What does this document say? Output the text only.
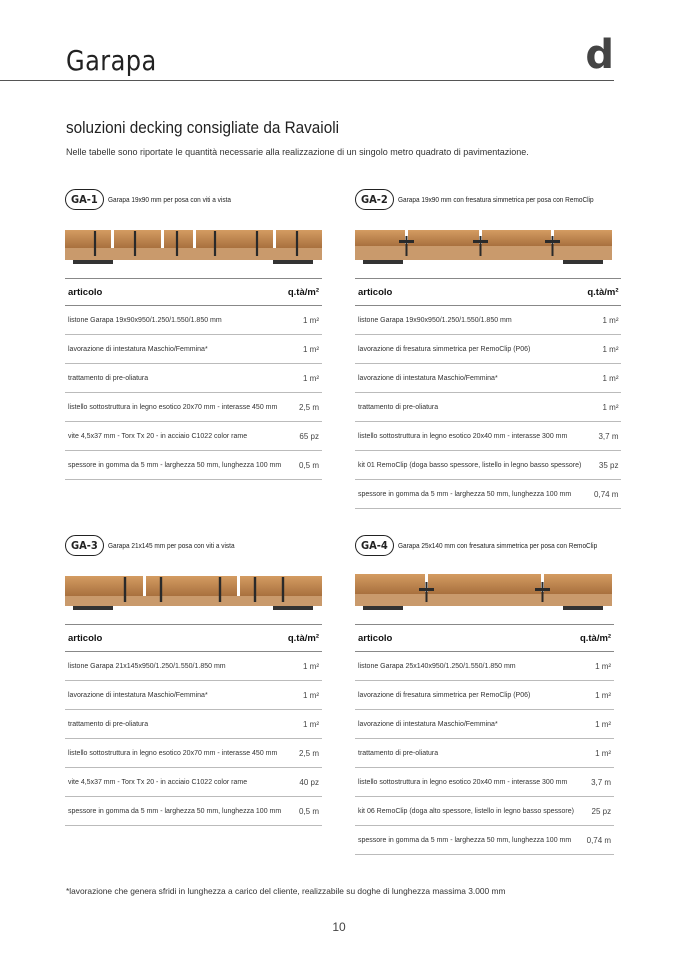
Garapa	d
soluzioni decking consigliate da Ravaioli
Nelle tabelle sono riportate le quantità necessarie alla realizzazione di un singolo metro quadrato di pavimentazione.
GA-1	Garapa 19x90 mm per posa con viti a vista
articolo	q.tà/m²
listone Garapa 19x90x950/1.250/1.550/1.850 mm	1 m²
lavorazione di intestatura Maschio/Femmina*	1 m²
trattamento di pre-oliatura	1 m²
listello sottostruttura in legno esotico 20x70 mm - interasse 450 mm	2,5 m
vite 4,5x37 mm - Torx Tx 20 - in acciaio C1022 color rame	65 pz
spessore in gomma da 5 mm - larghezza 50 mm, lunghezza 100 mm	0,5 m
GA-2	Garapa 19x90 mm con fresatura simmetrica per posa con RemoClip
articolo	q.tà/m²
listone Garapa 19x90x950/1.250/1.550/1.850 mm	1 m²
lavorazione di fresatura simmetrica per RemoClip (P06)	1 m²
lavorazione di intestatura Maschio/Femmina*	1 m²
trattamento di pre-oliatura	1 m²
listello sottostruttura in legno esotico 20x40 mm - interasse 300 mm	3,7 m
kit 01 RemoClip (doga basso spessore, listello in legno basso spessore)	35 pz
spessore in gomma da 5 mm - larghezza 50 mm, lunghezza 100 mm	0,74 m
GA-3	Garapa 21x145 mm per posa con viti a vista
articolo	q.tà/m²
listone Garapa 21x145x950/1.250/1.550/1.850 mm	1 m²
lavorazione di intestatura Maschio/Femmina*	1 m²
trattamento di pre-oliatura	1 m²
listello sottostruttura in legno esotico 20x70 mm - interasse 450 mm	2,5 m
vite 4,5x37 mm - Torx Tx 20 - in acciaio C1022 color rame	40 pz
spessore in gomma da 5 mm - larghezza 50 mm, lunghezza 100 mm	0,5 m
GA-4	Garapa 25x140 mm con fresatura simmetrica per posa con RemoClip
articolo	q.tà/m²
listone Garapa 25x140x950/1.250/1.550/1.850 mm	1 m²
lavorazione di fresatura simmetrica per RemoClip (P06)	1 m²
lavorazione di intestatura Maschio/Femmina*	1 m²
trattamento di pre-oliatura	1 m²
listello sottostruttura in legno esotico 20x40 mm - interasse 300 mm	3,7 m
kit 06 RemoClip (doga alto spessore, listello in legno basso spessore)	25 pz
spessore in gomma da 5 mm - larghezza 50 mm, lunghezza 100 mm	0,74 m
*lavorazione che genera sfridi in lunghezza a carico del cliente, realizzabile su doghe di lunghezza massima 3.000 mm
10
